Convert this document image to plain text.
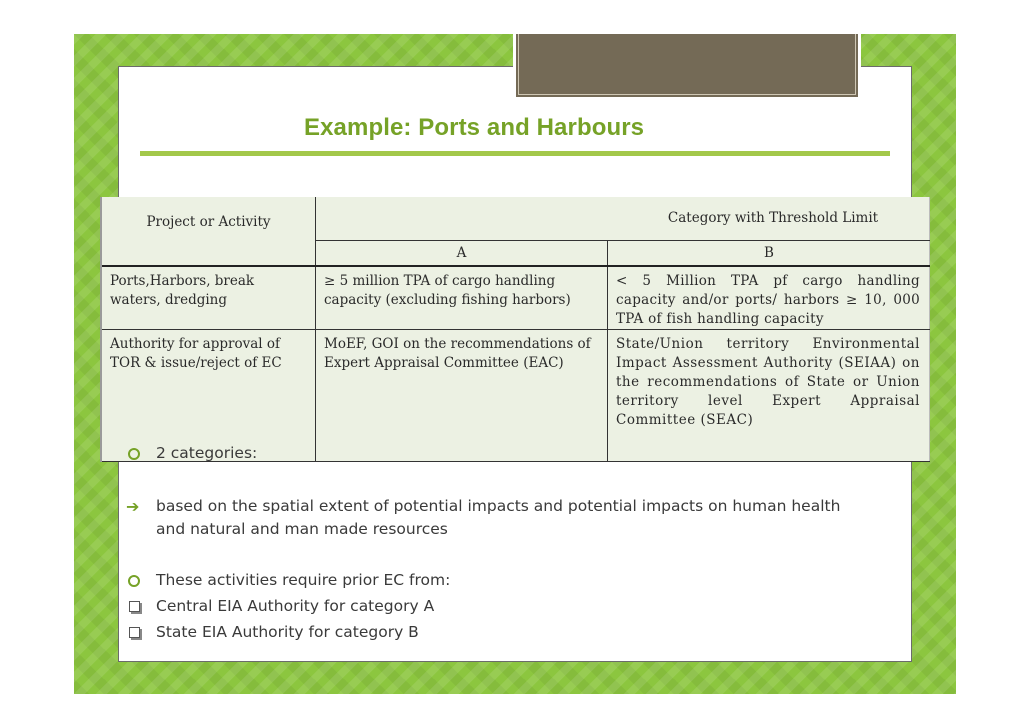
Example: Ports and Harbours
Project or Activity	Category with Threshold Limit	
	A	B

Ports,Harbors, break waters, dredging	≥ 5 million TPA of cargo handling capacity (excluding fishing harbors)	< 5 Million TPA pf cargo handling capacity and/or ports/ harbors ≥ 10, 000 TPA of fish handling capacity

Authority for approval of TOR & issue/reject of EC	MoEF, GOI on the recommendations of Expert Appraisal Committee (EAC)	State/Union territory Environmental Impact Assessment Authority (SEIAA) on the recommendations of State or Union territory level Expert Appraisal Committee (SEAC)
2 categories:
➔ based on the spatial extent of potential impacts and potential impacts on human health
and natural and man made resources
These activities require prior EC from:
Central EIA Authority for category A
State EIA Authority for category B
